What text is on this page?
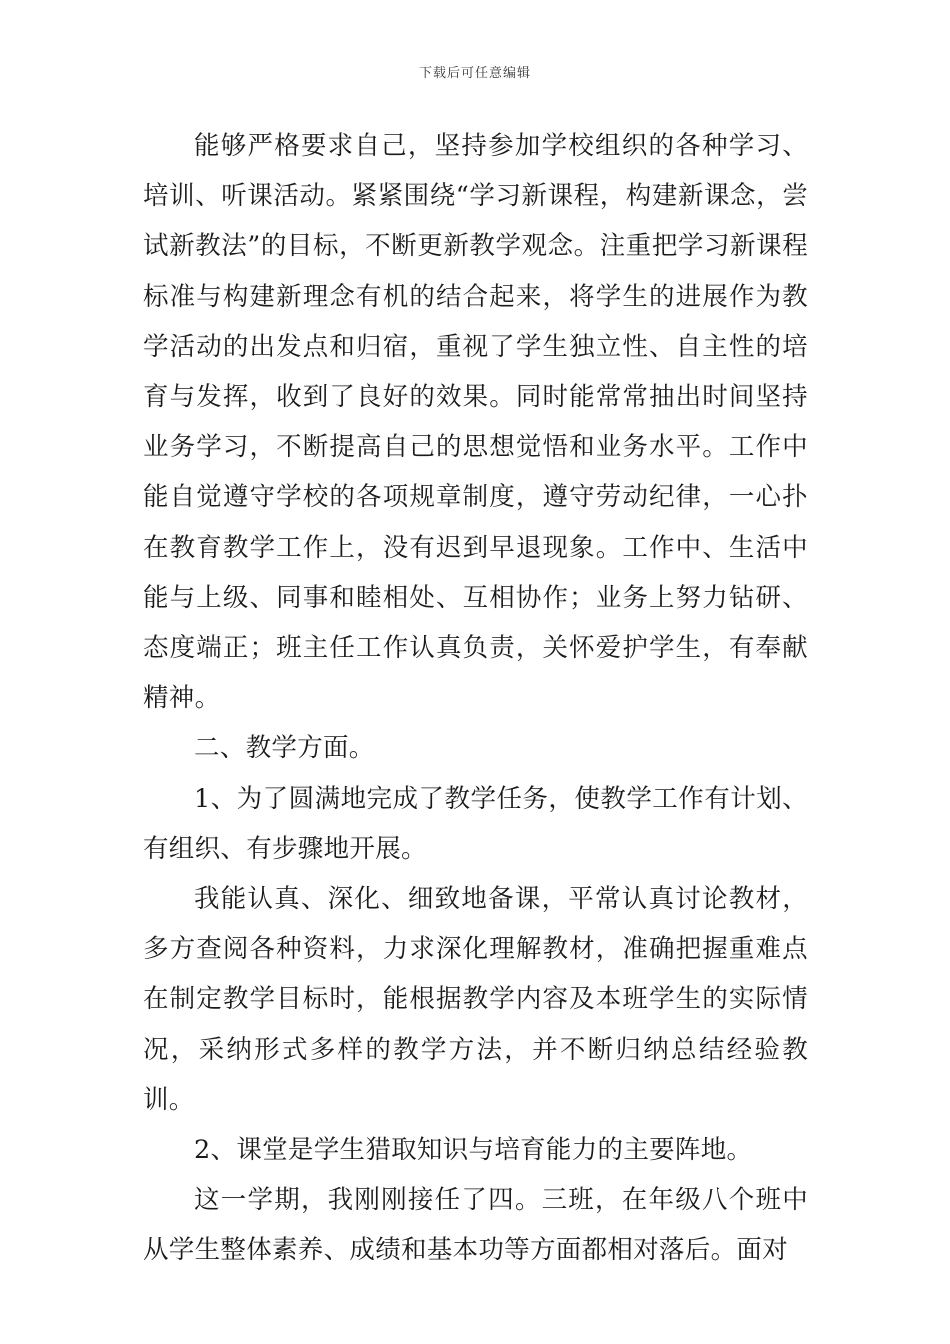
下载后可任意编辑

能够严格要求自己，坚持参加学校组织的各种学习、培训、听课活动。紧紧围绕“学习新课程，构建新课念，尝试新教法”的目标，不断更新教学观念。注重把学习新课程标准与构建新理念有机的结合起来，将学生的进展作为教学活动的出发点和归宿，重视了学生独立性、自主性的培育与发挥，收到了良好的效果。同时能常常抽出时间坚持业务学习，不断提高自己的思想觉悟和业务水平。工作中能自觉遵守学校的各项规章制度，遵守劳动纪律，一心扑在教育教学工作上，没有迟到早退现象。工作中、生活中能与上级、同事和睦相处、互相协作；业务上努力钻研、态度端正；班主任工作认真负责，关怀爱护学生，有奉献精神。

二、教学方面。

1、为了圆满地完成了教学任务，使教学工作有计划、有组织、有步骤地开展。

我能认真、深化、细致地备课，平常认真讨论教材，多方查阅各种资料，力求深化理解教材，准确把握重难点在制定教学目标时，能根据教学内容及本班学生的实际情况，采纳形式多样的教学方法，并不断归纳总结经验教训。

2、课堂是学生猎取知识与培育能力的主要阵地。

这一学期，我刚刚接任了四。三班，在年级八个班中从学生整体素养、成绩和基本功等方面都相对落后。面对
